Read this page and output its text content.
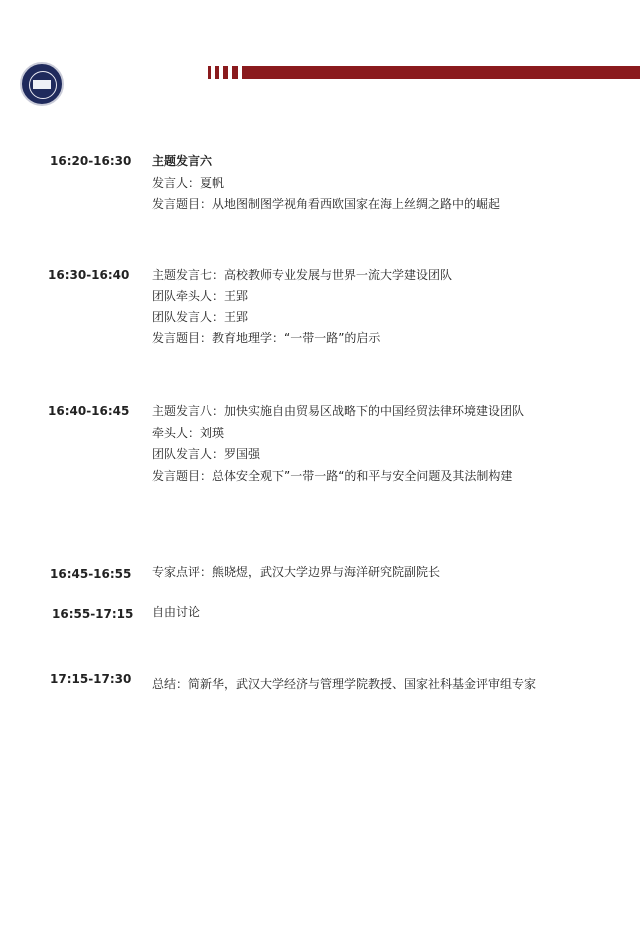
16:20-16:30	主题发言六
发言人：夏帆
发言题目：从地图制图学视角看西欧国家在海上丝绸之路中的崛起
16:30-16:40	主题发言七：高校教师专业发展与世界一流大学建设团队
团队牵头人：王郢
团队发言人：王郢
发言题目：教育地理学：“一带一路”的启示
16:40-16:45	主题发言八：加快实施自由贸易区战略下的中国经贸法律环境建设团队
牵头人：刘瑛
团队发言人：罗国强
发言题目：总体安全观下”一带一路“的和平与安全问题及其法制构建
16:45-16:55	专家点评：熊晓煜，武汉大学边界与海洋研究院副院长
16:55-17:15	自由讨论
17:15-17:30	总结：简新华，武汉大学经济与管理学院教授、国家社科基金评审组专家
